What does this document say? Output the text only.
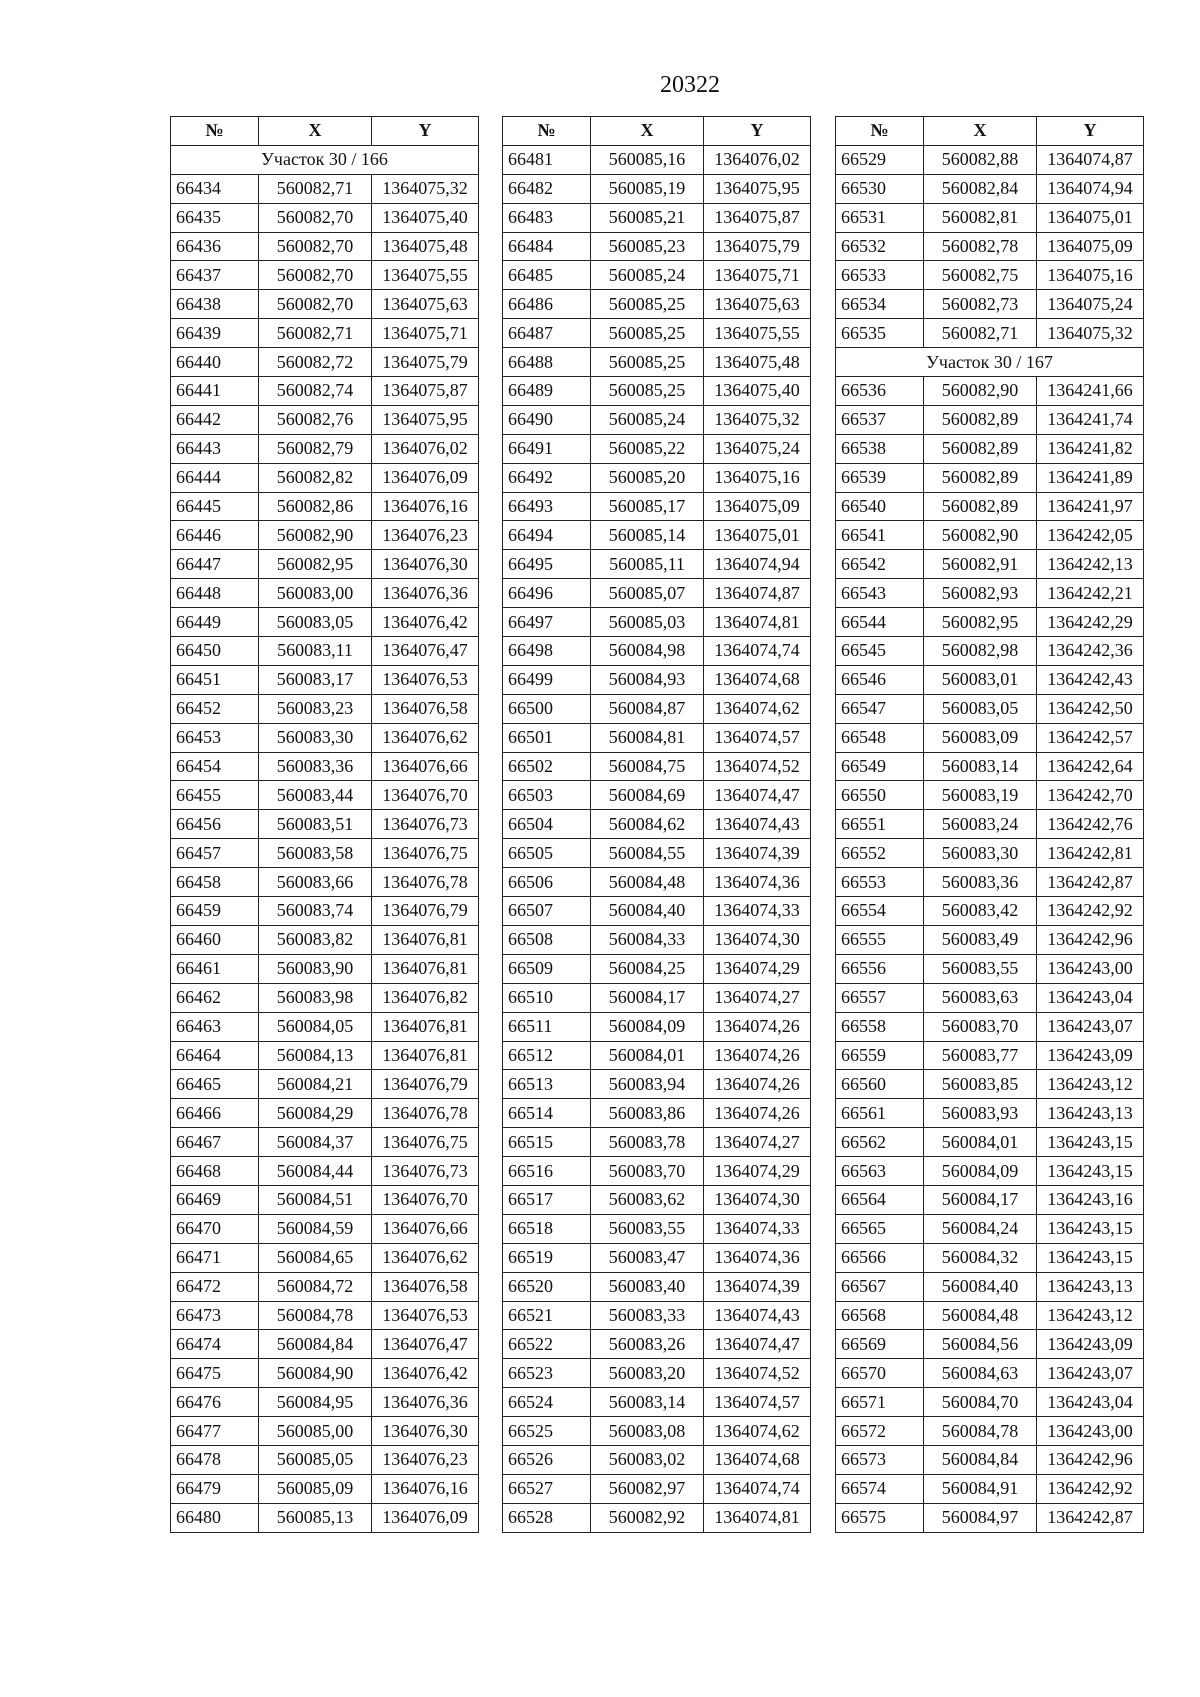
20322
№	X	Y
Участок 30 / 166		
66434	560082,71	1364075,32
66435	560082,70	1364075,40
66436	560082,70	1364075,48
66437	560082,70	1364075,55
66438	560082,70	1364075,63
66439	560082,71	1364075,71
66440	560082,72	1364075,79
66441	560082,74	1364075,87
66442	560082,76	1364075,95
66443	560082,79	1364076,02
66444	560082,82	1364076,09
66445	560082,86	1364076,16
66446	560082,90	1364076,23
66447	560082,95	1364076,30
66448	560083,00	1364076,36
66449	560083,05	1364076,42
66450	560083,11	1364076,47
66451	560083,17	1364076,53
66452	560083,23	1364076,58
66453	560083,30	1364076,62
66454	560083,36	1364076,66
66455	560083,44	1364076,70
66456	560083,51	1364076,73
66457	560083,58	1364076,75
66458	560083,66	1364076,78
66459	560083,74	1364076,79
66460	560083,82	1364076,81
66461	560083,90	1364076,81
66462	560083,98	1364076,82
66463	560084,05	1364076,81
66464	560084,13	1364076,81
66465	560084,21	1364076,79
66466	560084,29	1364076,78
66467	560084,37	1364076,75
66468	560084,44	1364076,73
66469	560084,51	1364076,70
66470	560084,59	1364076,66
66471	560084,65	1364076,62
66472	560084,72	1364076,58
66473	560084,78	1364076,53
66474	560084,84	1364076,47
66475	560084,90	1364076,42
66476	560084,95	1364076,36
66477	560085,00	1364076,30
66478	560085,05	1364076,23
66479	560085,09	1364076,16
66480	560085,13	1364076,09
№	X	Y
66481	560085,16	1364076,02
66482	560085,19	1364075,95
66483	560085,21	1364075,87
66484	560085,23	1364075,79
66485	560085,24	1364075,71
66486	560085,25	1364075,63
66487	560085,25	1364075,55
66488	560085,25	1364075,48
66489	560085,25	1364075,40
66490	560085,24	1364075,32
66491	560085,22	1364075,24
66492	560085,20	1364075,16
66493	560085,17	1364075,09
66494	560085,14	1364075,01
66495	560085,11	1364074,94
66496	560085,07	1364074,87
66497	560085,03	1364074,81
66498	560084,98	1364074,74
66499	560084,93	1364074,68
66500	560084,87	1364074,62
66501	560084,81	1364074,57
66502	560084,75	1364074,52
66503	560084,69	1364074,47
66504	560084,62	1364074,43
66505	560084,55	1364074,39
66506	560084,48	1364074,36
66507	560084,40	1364074,33
66508	560084,33	1364074,30
66509	560084,25	1364074,29
66510	560084,17	1364074,27
66511	560084,09	1364074,26
66512	560084,01	1364074,26
66513	560083,94	1364074,26
66514	560083,86	1364074,26
66515	560083,78	1364074,27
66516	560083,70	1364074,29
66517	560083,62	1364074,30
66518	560083,55	1364074,33
66519	560083,47	1364074,36
66520	560083,40	1364074,39
66521	560083,33	1364074,43
66522	560083,26	1364074,47
66523	560083,20	1364074,52
66524	560083,14	1364074,57
66525	560083,08	1364074,62
66526	560083,02	1364074,68
66527	560082,97	1364074,74
66528	560082,92	1364074,81
№	X	Y
66529	560082,88	1364074,87
66530	560082,84	1364074,94
66531	560082,81	1364075,01
66532	560082,78	1364075,09
66533	560082,75	1364075,16
66534	560082,73	1364075,24
66535	560082,71	1364075,32
Участок 30 / 167		
66536	560082,90	1364241,66
66537	560082,89	1364241,74
66538	560082,89	1364241,82
66539	560082,89	1364241,89
66540	560082,89	1364241,97
66541	560082,90	1364242,05
66542	560082,91	1364242,13
66543	560082,93	1364242,21
66544	560082,95	1364242,29
66545	560082,98	1364242,36
66546	560083,01	1364242,43
66547	560083,05	1364242,50
66548	560083,09	1364242,57
66549	560083,14	1364242,64
66550	560083,19	1364242,70
66551	560083,24	1364242,76
66552	560083,30	1364242,81
66553	560083,36	1364242,87
66554	560083,42	1364242,92
66555	560083,49	1364242,96
66556	560083,55	1364243,00
66557	560083,63	1364243,04
66558	560083,70	1364243,07
66559	560083,77	1364243,09
66560	560083,85	1364243,12
66561	560083,93	1364243,13
66562	560084,01	1364243,15
66563	560084,09	1364243,15
66564	560084,17	1364243,16
66565	560084,24	1364243,15
66566	560084,32	1364243,15
66567	560084,40	1364243,13
66568	560084,48	1364243,12
66569	560084,56	1364243,09
66570	560084,63	1364243,07
66571	560084,70	1364243,04
66572	560084,78	1364243,00
66573	560084,84	1364242,96
66574	560084,91	1364242,92
66575	560084,97	1364242,87
